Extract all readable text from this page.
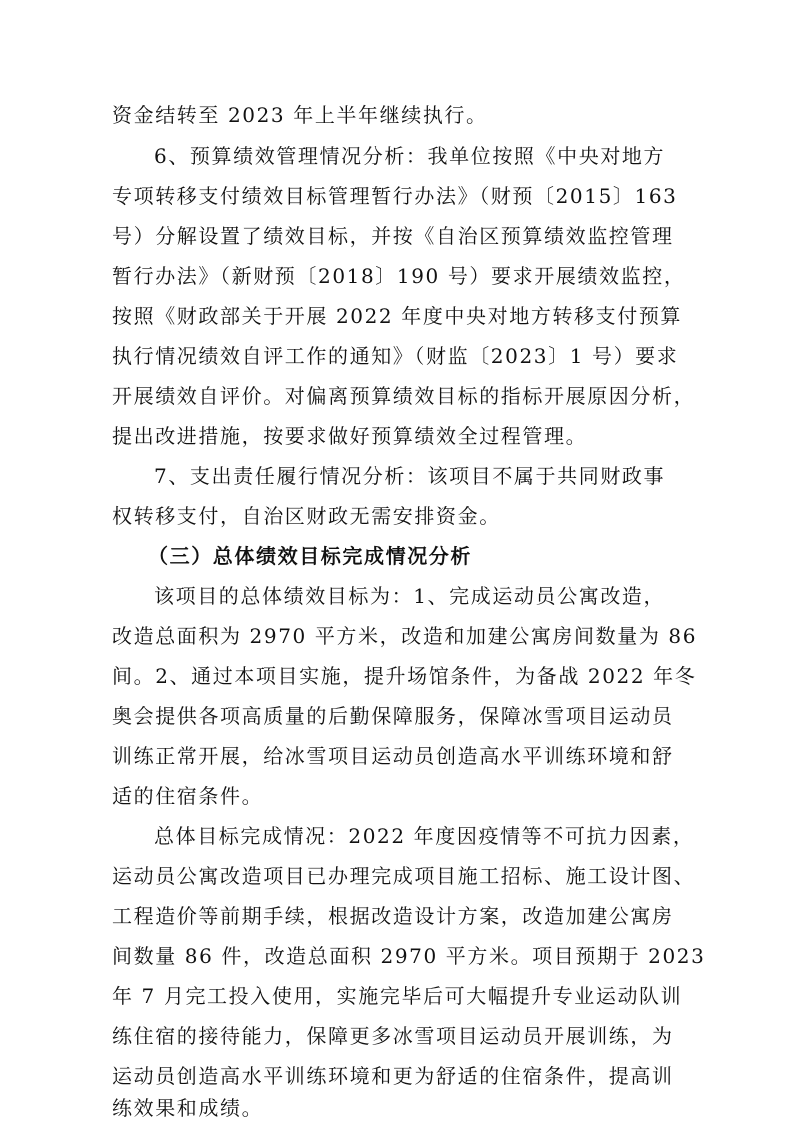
资金结转至 2023 年上半年继续执行。
6、预算绩效管理情况分析：我单位按照《中央对地方
专项转移支付绩效目标管理暂行办法》（财预〔2015〕163
号）分解设置了绩效目标，并按《自治区预算绩效监控管理
暂行办法》（新财预〔2018〕190 号）要求开展绩效监控，
按照《财政部关于开展 2022 年度中央对地方转移支付预算
执行情况绩效自评工作的通知》（财监〔2023〕1 号）要求
开展绩效自评价。对偏离预算绩效目标的指标开展原因分析，
提出改进措施，按要求做好预算绩效全过程管理。
7、支出责任履行情况分析：该项目不属于共同财政事
权转移支付，自治区财政无需安排资金。
（三）总体绩效目标完成情况分析
该项目的总体绩效目标为：1、完成运动员公寓改造，
改造总面积为 2970 平方米，改造和加建公寓房间数量为 86
间。2、通过本项目实施，提升场馆条件，为备战 2022 年冬
奥会提供各项高质量的后勤保障服务，保障冰雪项目运动员
训练正常开展，给冰雪项目运动员创造高水平训练环境和舒
适的住宿条件。
总体目标完成情况：2022 年度因疫情等不可抗力因素，
运动员公寓改造项目已办理完成项目施工招标、施工设计图、
工程造价等前期手续，根据改造设计方案，改造加建公寓房
间数量 86 件，改造总面积 2970 平方米。项目预期于 2023
年 7 月完工投入使用，实施完毕后可大幅提升专业运动队训
练住宿的接待能力，保障更多冰雪项目运动员开展训练，为
运动员创造高水平训练环境和更为舒适的住宿条件，提高训
练效果和成绩。
